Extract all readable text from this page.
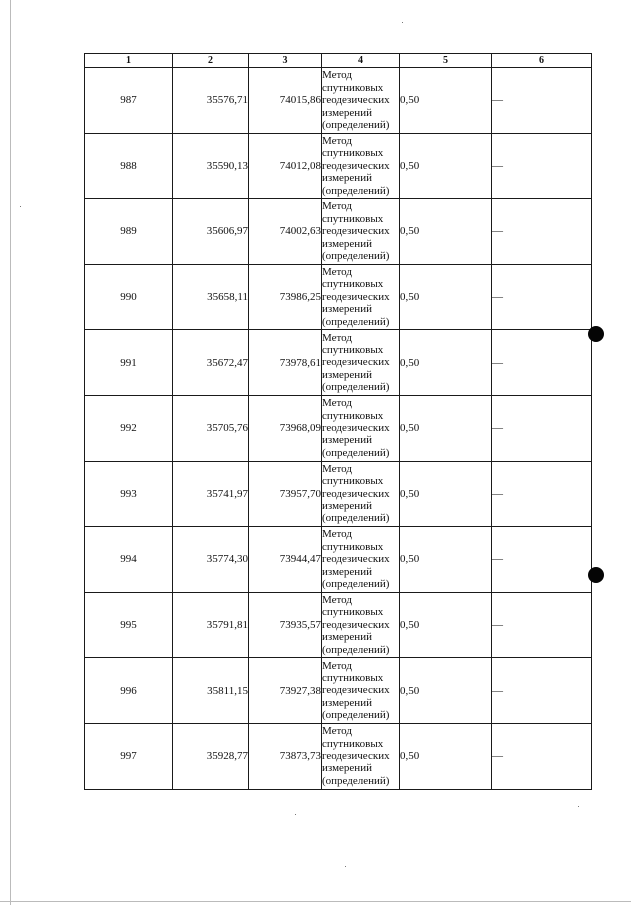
1	2	3	4	5	6
987	35576,71	74015,86	Метод
спутниковых
геодезических
измерений
(определений)	0,50	—
988	35590,13	74012,08	Метод
спутниковых
геодезических
измерений
(определений)	0,50	—
989	35606,97	74002,63	Метод
спутниковых
геодезических
измерений
(определений)	0,50	—
990	35658,11	73986,25	Метод
спутниковых
геодезических
измерений
(определений)	0,50	—
991	35672,47	73978,61	Метод
спутниковых
геодезических
измерений
(определений)	0,50	—
992	35705,76	73968,09	Метод
спутниковых
геодезических
измерений
(определений)	0,50	—
993	35741,97	73957,70	Метод
спутниковых
геодезических
измерений
(определений)	0,50	—
994	35774,30	73944,47	Метод
спутниковых
геодезических
измерений
(определений)	0,50	—
995	35791,81	73935,57	Метод
спутниковых
геодезических
измерений
(определений)	0,50	—
996	35811,15	73927,38	Метод
спутниковых
геодезических
измерений
(определений)	0,50	—
997	35928,77	73873,73	Метод
спутниковых
геодезических
измерений
(определений)	0,50	—
